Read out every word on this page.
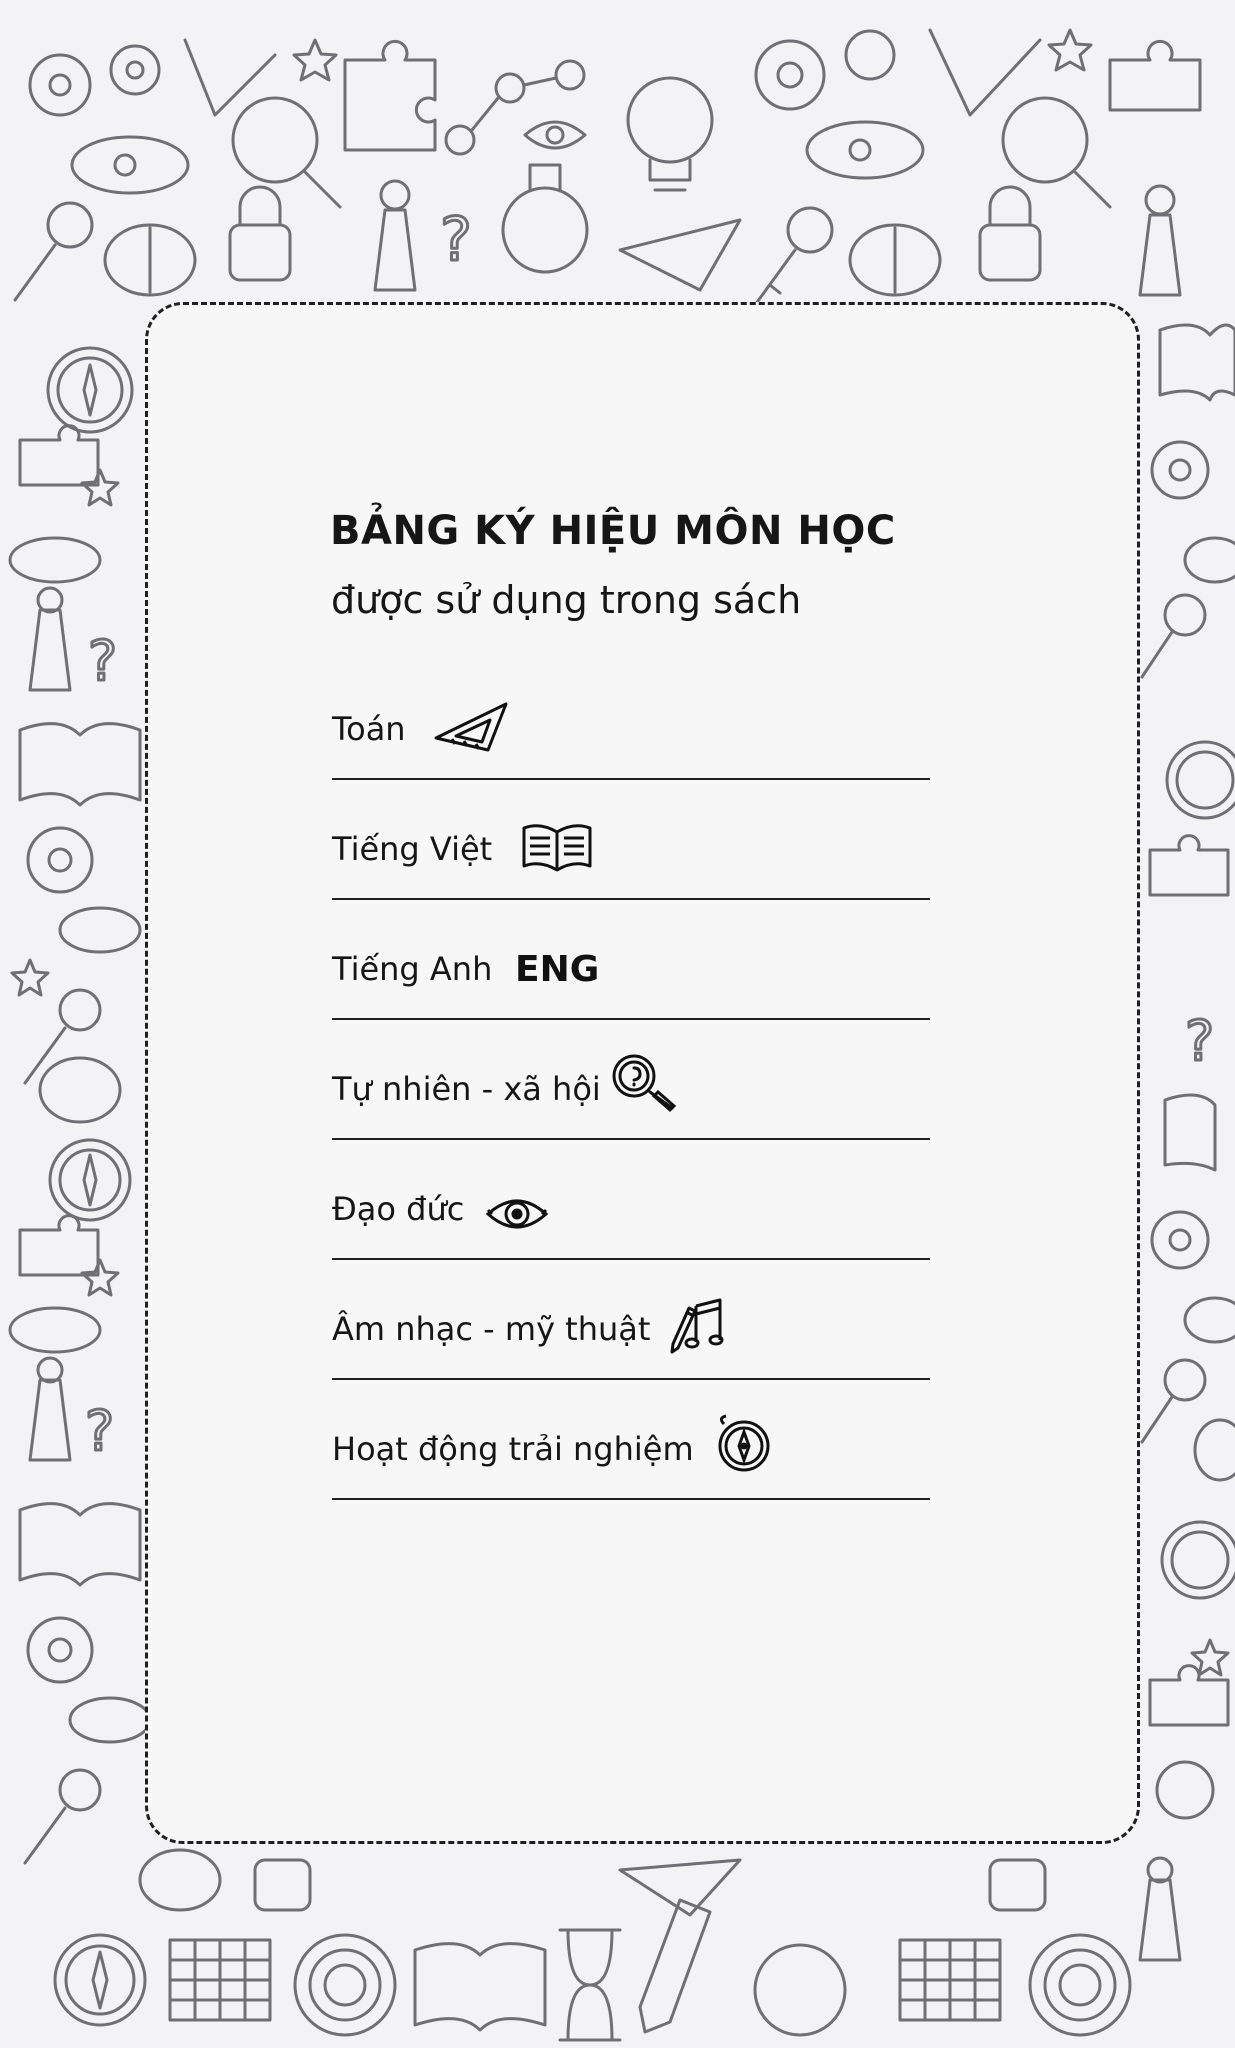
?
?
?
?
BẢNG KÝ HIỆU MÔN HỌC
được sử dụng trong sách
Toán
Tiếng Việt
Tiếng Anh ENG
Tự nhiên - xã hội
Đạo đức
Âm nhạc - mỹ thuật
Hoạt động trải nghiệm
